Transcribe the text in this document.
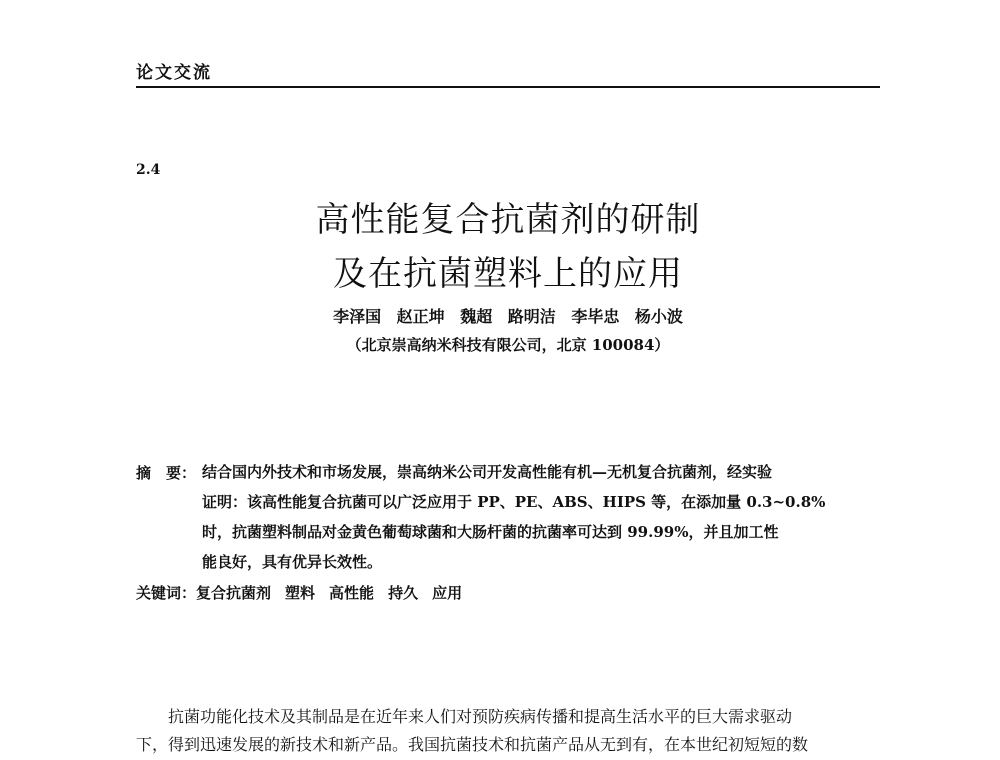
论文交流
2.4
高性能复合抗菌剂的研制
及在抗菌塑料上的应用
李泽国 赵正坤 魏超 路明洁 李毕忠 杨小波
（北京崇高纳米科技有限公司，北京 100084）
摘　要： 结合国内外技术和市场发展，崇高纳米公司开发高性能有机—无机复合抗菌剂，经实验
证明：该高性能复合抗菌可以广泛应用于 PP、PE、ABS、HIPS 等，在添加量 0.3~0.8%
时，抗菌塑料制品对金黄色葡萄球菌和大肠杆菌的抗菌率可达到 99.99%，并且加工性
能良好，具有优异长效性。
关键词：复合抗菌剂 塑料 高性能 持久 应用
抗菌功能化技术及其制品是在近年来人们对预防疾病传播和提高生活水平的巨大需求驱动
下，得到迅速发展的新技术和新产品。我国抗菌技术和抗菌产品从无到有，在本世纪初短短的数
